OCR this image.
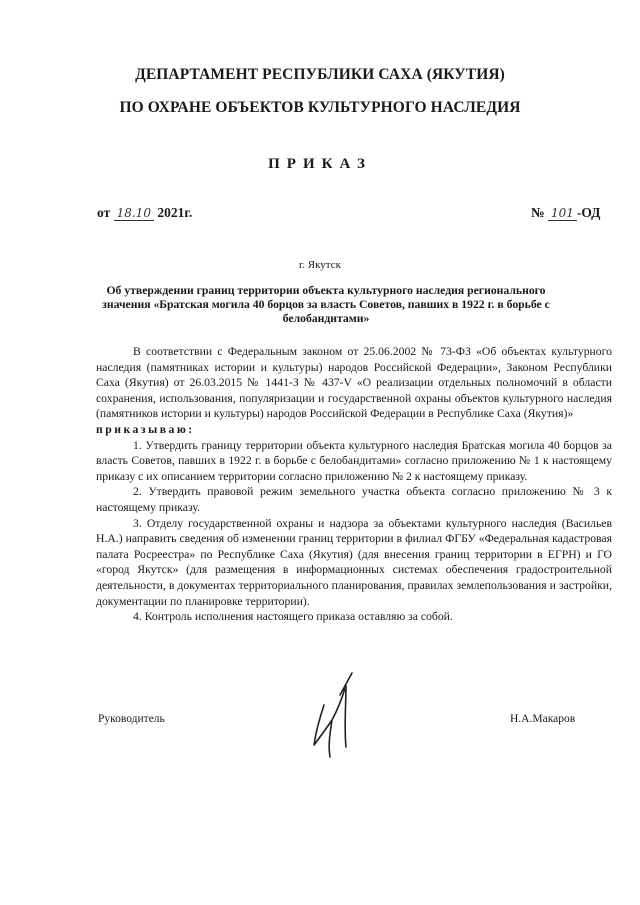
ДЕПАРТАМЕНТ РЕСПУБЛИКИ САХА (ЯКУТИЯ)
ПО ОХРАНЕ ОБЪЕКТОВ КУЛЬТУРНОГО НАСЛЕДИЯ
ПРИКАЗ
от 18.10 2021г.	№ 101 -ОД
г. Якутск
Об утверждении границ территории объекта культурного наследия регионального значения «Братская могила 40 борцов за власть Советов, павших в 1922 г. в борьбе с белобандитами»

В соответствии с Федеральным законом от 25.06.2002 № 73-ФЗ «Об объектах культурного наследия (памятниках истории и культуры) народов Российской Федерации», Законом Республики Саха (Якутия) от 26.03.2015 № 1441-З № 437-V «О реализации отдельных полномочий в области сохранения, использования, популяризации и государственной охраны объектов культурного наследия (памятников истории и культуры) народов Российской Федерации в Республике Саха (Якутия)»

приказываю:

1. Утвердить границу территории объекта культурного наследия Братская могила 40 борцов за власть Советов, павших в 1922 г. в борьбе с белобандитами» согласно приложению № 1 к настоящему приказу с их описанием территории согласно приложению № 2 к настоящему приказу.

2. Утвердить правовой режим земельного участка объекта согласно приложению № 3 к настоящему приказу.

3. Отделу государственной охраны и надзора за объектами культурного наследия (Васильев Н.А.) направить сведения об изменении границ территории в филиал ФГБУ «Федеральная кадастровая палата Росреестра» по Республике Саха (Якутия) (для внесения границ территории в ЕГРН) и ГО «город Якутск» (для размещения в информационных системах обеспечения градостроительной деятельности, в документах территориального планирования, правилах землепользования и застройки, документации по планировке территории).

4. Контроль исполнения настоящего приказа оставляю за собой.

Руководитель	Н.А.Макаров
